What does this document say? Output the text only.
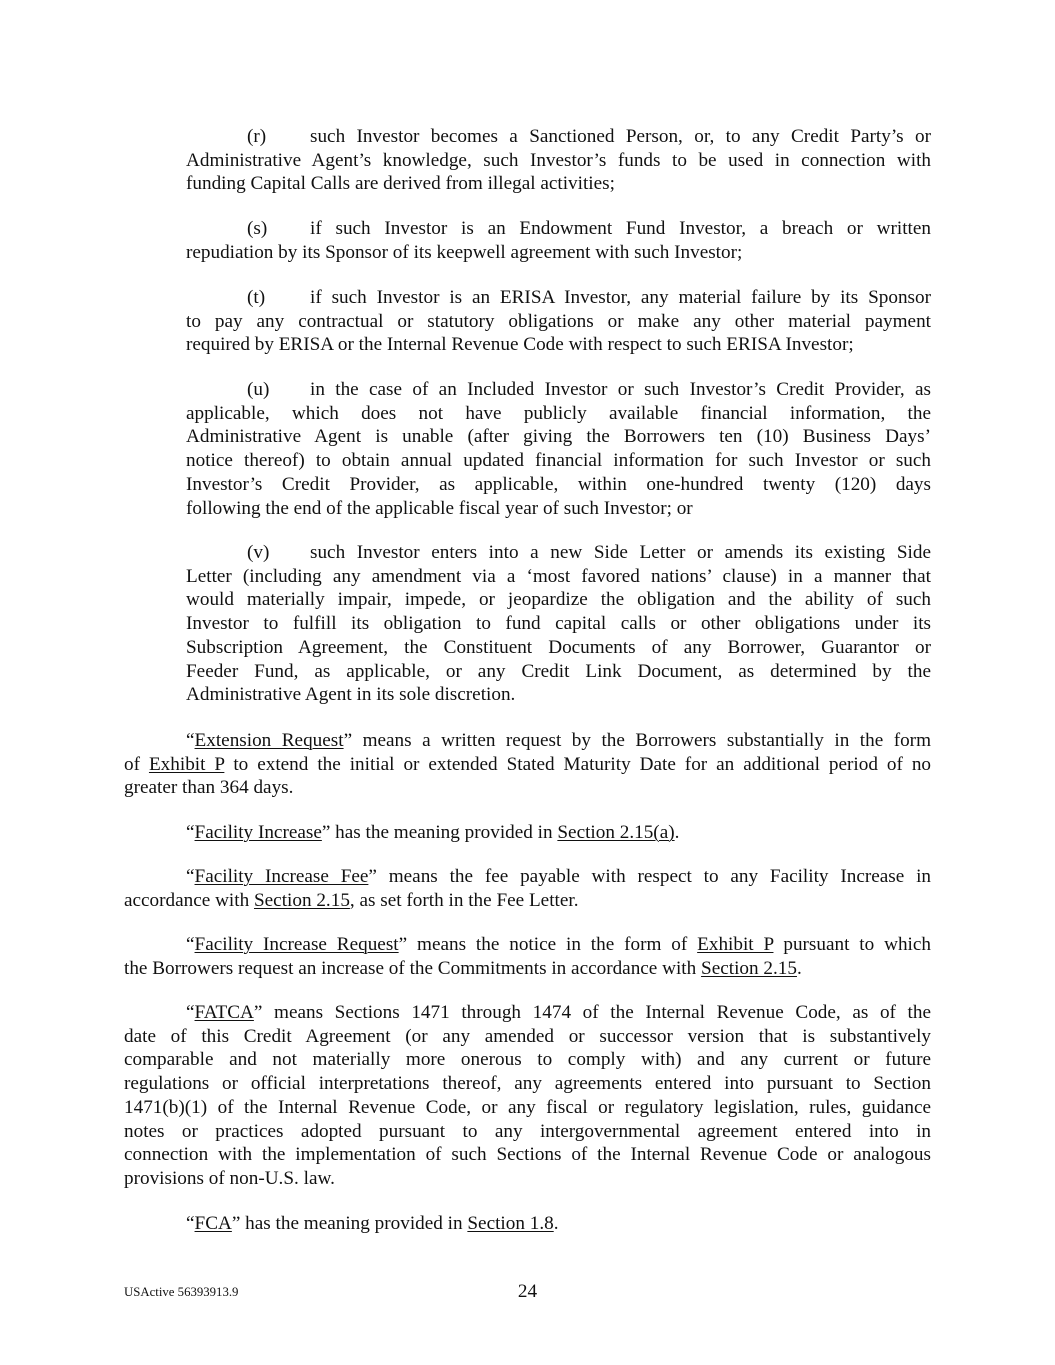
(r) such Investor becomes a Sanctioned Person, or, to any Credit Party’s or
Administrative Agent’s knowledge, such Investor’s funds to be used in connection with
funding Capital Calls are derived from illegal activities;
(s) if such Investor is an Endowment Fund Investor, a breach or written
repudiation by its Sponsor of its keepwell agreement with such Investor;
(t) if such Investor is an ERISA Investor, any material failure by its Sponsor
to pay any contractual or statutory obligations or make any other material payment
required by ERISA or the Internal Revenue Code with respect to such ERISA Investor;
(u) in the case of an Included Investor or such Investor’s Credit Provider, as
applicable, which does not have publicly available financial information, the
Administrative Agent is unable (after giving the Borrowers ten (10) Business Days’
notice thereof) to obtain annual updated financial information for such Investor or such
Investor’s Credit Provider, as applicable, within one-hundred twenty (120) days
following the end of the applicable fiscal year of such Investor; or
(v) such Investor enters into a new Side Letter or amends its existing Side
Letter (including any amendment via a ‘most favored nations’ clause) in a manner that
would materially impair, impede, or jeopardize the obligation and the ability of such
Investor to fulfill its obligation to fund capital calls or other obligations under its
Subscription Agreement, the Constituent Documents of any Borrower, Guarantor or
Feeder Fund, as applicable, or any Credit Link Document, as determined by the
Administrative Agent in its sole discretion.
“Extension Request” means a written request by the Borrowers substantially in the form
of Exhibit P to extend the initial or extended Stated Maturity Date for an additional period of no
greater than 364 days.
“Facility Increase” has the meaning provided in Section 2.15(a).
“Facility Increase Fee” means the fee payable with respect to any Facility Increase in
accordance with Section 2.15, as set forth in the Fee Letter.
“Facility Increase Request” means the notice in the form of Exhibit P pursuant to which
the Borrowers request an increase of the Commitments in accordance with Section 2.15.
“FATCA” means Sections 1471 through 1474 of the Internal Revenue Code, as of the
date of this Credit Agreement (or any amended or successor version that is substantively
comparable and not materially more onerous to comply with) and any current or future
regulations or official interpretations thereof, any agreements entered into pursuant to Section
1471(b)(1) of the Internal Revenue Code, or any fiscal or regulatory legislation, rules, guidance
notes or practices adopted pursuant to any intergovernmental agreement entered into in
connection with the implementation of such Sections of the Internal Revenue Code or analogous
provisions of non-U.S. law.
“FCA” has the meaning provided in Section 1.8.
USActive 56393913.9	24
